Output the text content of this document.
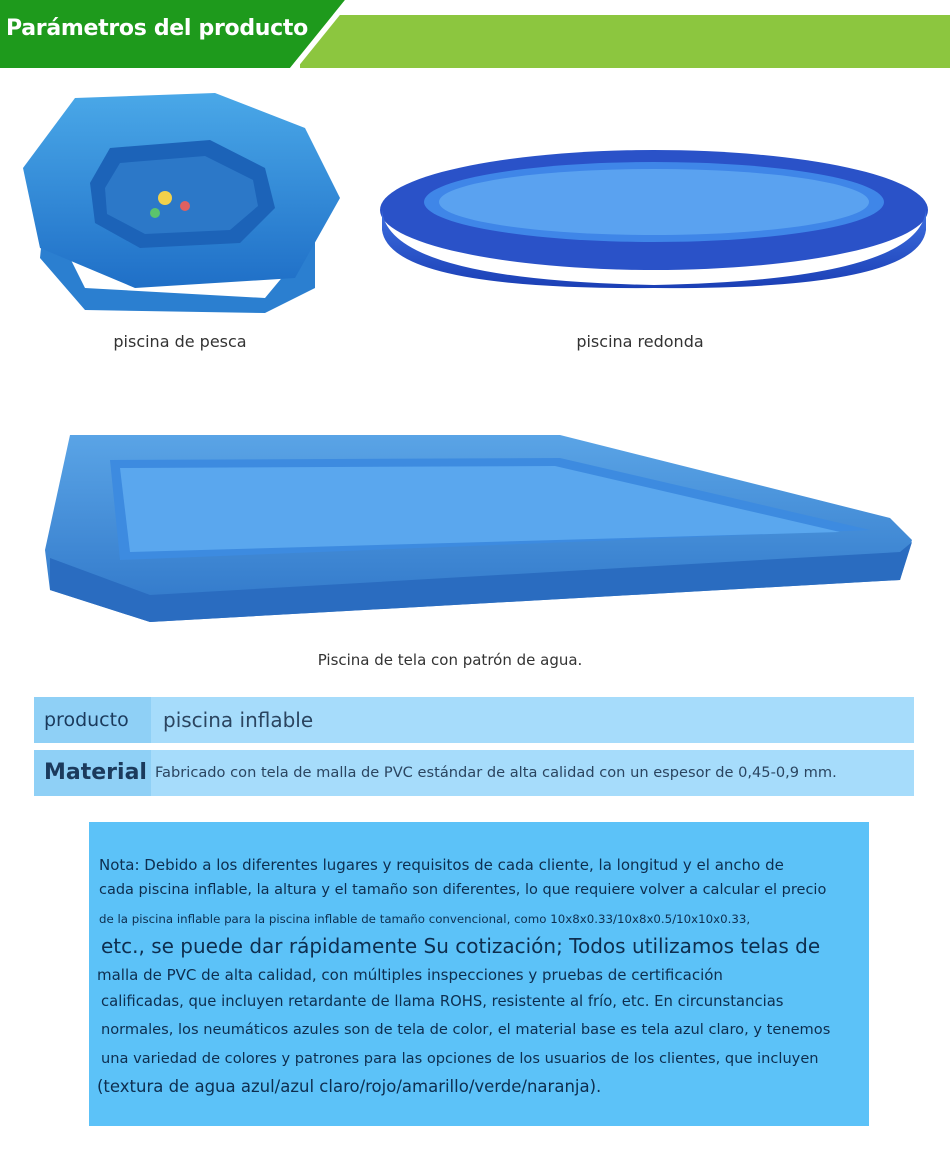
Parámetros del producto
piscina de pesca	piscina redonda
Piscina de tela con patrón de agua.
producto	piscina inflable
Material Fabricado con tela de malla de PVC estándar de alta calidad con un espesor de 0,45-0,9 mm.
Nota: Debido a los diferentes lugares y requisitos de cada cliente, la longitud y el ancho de
cada piscina inflable, la altura y el tamaño son diferentes, lo que requiere volver a calcular el precio
de la piscina inflable para la piscina inflable de tamaño convencional, como 10x8x0.33/10x8x0.5/10x10x0.33,
etc., se puede dar rápidamente Su cotización; Todos utilizamos telas de
malla de PVC de alta calidad, con múltiples inspecciones y pruebas de certificación
calificadas, que incluyen retardante de llama ROHS, resistente al frío, etc. En circunstancias
normales, los neumáticos azules son de tela de color, el material base es tela azul claro, y tenemos
una variedad de colores y patrones para las opciones de los usuarios de los clientes, que incluyen
(textura de agua azul/azul claro/rojo/amarillo/verde/naranja).
